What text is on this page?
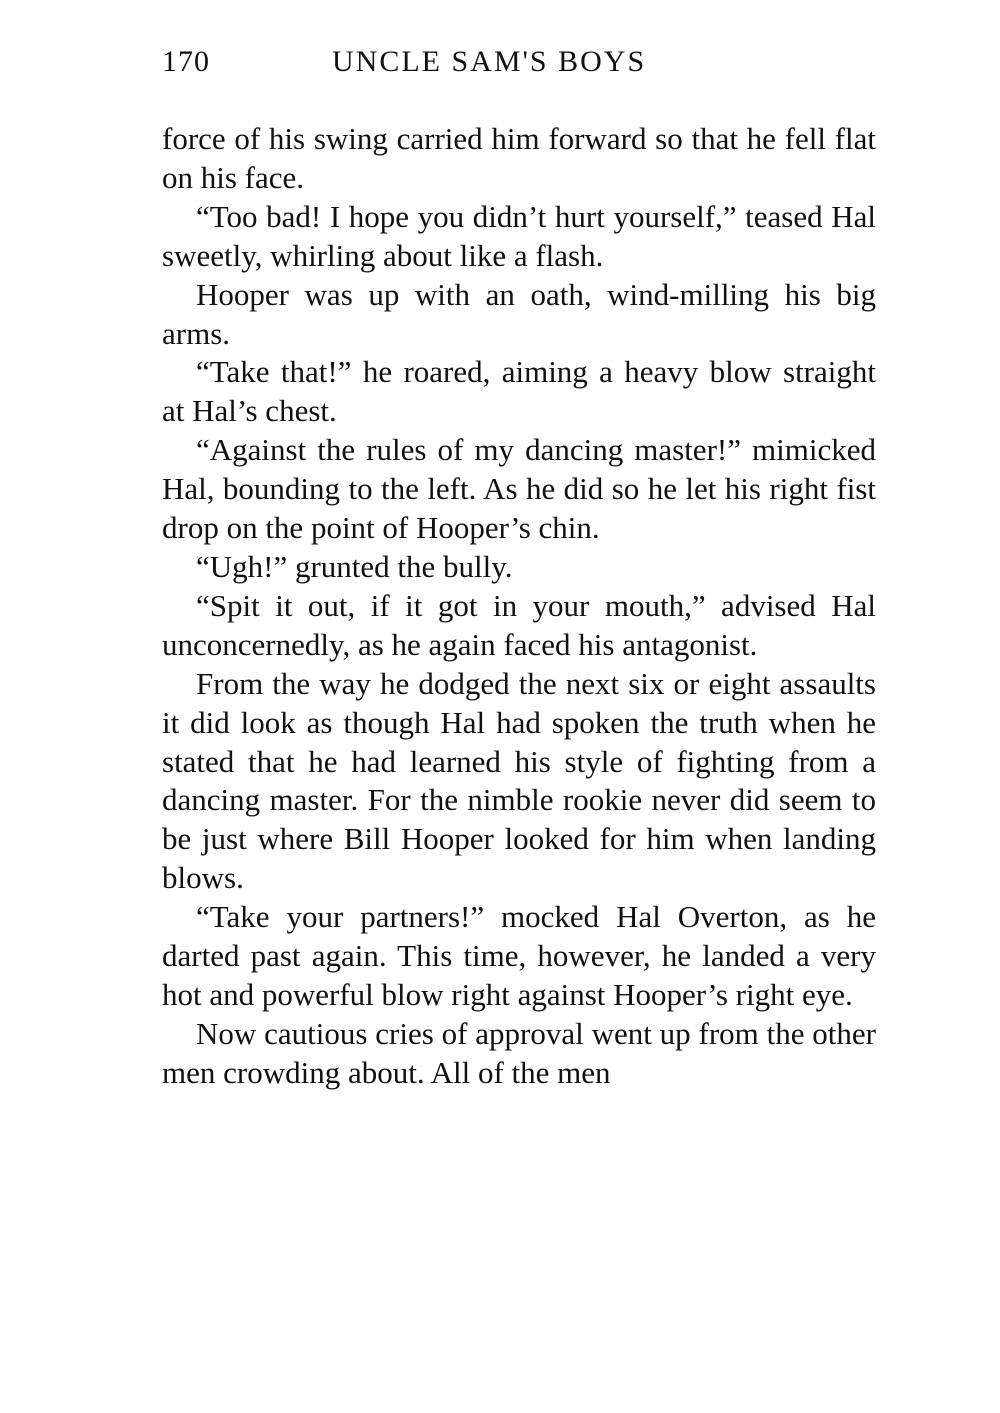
170	UNCLE SAM'S BOYS

force of his swing carried him forward so that he fell flat on his face.

“Too bad! I hope you didn’t hurt yourself,” teased Hal sweetly, whirling about like a flash.

Hooper was up with an oath, wind-milling his big arms.

“Take that!” he roared, aiming a heavy blow straight at Hal’s chest.

“Against the rules of my dancing master!” mimicked Hal, bounding to the left. As he did so he let his right fist drop on the point of Hooper’s chin.

“Ugh!” grunted the bully.

“Spit it out, if it got in your mouth,” advised Hal unconcernedly, as he again faced his antagonist.

From the way he dodged the next six or eight assaults it did look as though Hal had spoken the truth when he stated that he had learned his style of fighting from a dancing master. For the nimble rookie never did seem to be just where Bill Hooper looked for him when landing blows.

“Take your partners!” mocked Hal Overton, as he darted past again. This time, however, he landed a very hot and powerful blow right against Hooper’s right eye.

Now cautious cries of approval went up from the other men crowding about. All of the men
